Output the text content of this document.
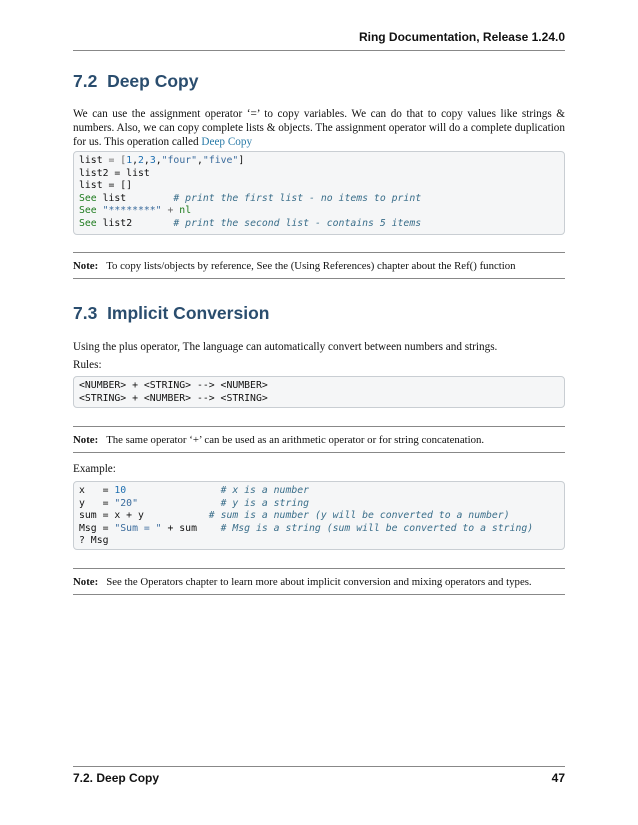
Ring Documentation, Release 1.24.0
7.2 Deep Copy
We can use the assignment operator ‘=’ to copy variables. We can do that to copy values like strings & numbers. Also, we can copy complete lists & objects. The assignment operator will do a complete duplication for us. This operation called Deep Copy
list = [1,2,3,"four","five"]
list2 = list
list = []
See list        # print the first list - no items to print
See "********" + nl
See list2       # print the second list - contains 5 items
Note: To copy lists/objects by reference, See the (Using References) chapter about the Ref() function
7.3 Implicit Conversion
Using the plus operator, The language can automatically convert between numbers and strings.
Rules:
<NUMBER> + <STRING> --> <NUMBER>
<STRING> + <NUMBER> --> <STRING>
Note: The same operator ‘+’ can be used as an arithmetic operator or for string concatenation.
Example:
x   = 10	# x is a number
y   = "20"	# y is a string
sum = x + y	# sum is a number (y will be converted to a number)
Msg = "Sum = " + sum # Msg is a string (sum will be converted to a string)
? Msg
Note: See the Operators chapter to learn more about implicit conversion and mixing operators and types.
7.2. Deep Copy	47
